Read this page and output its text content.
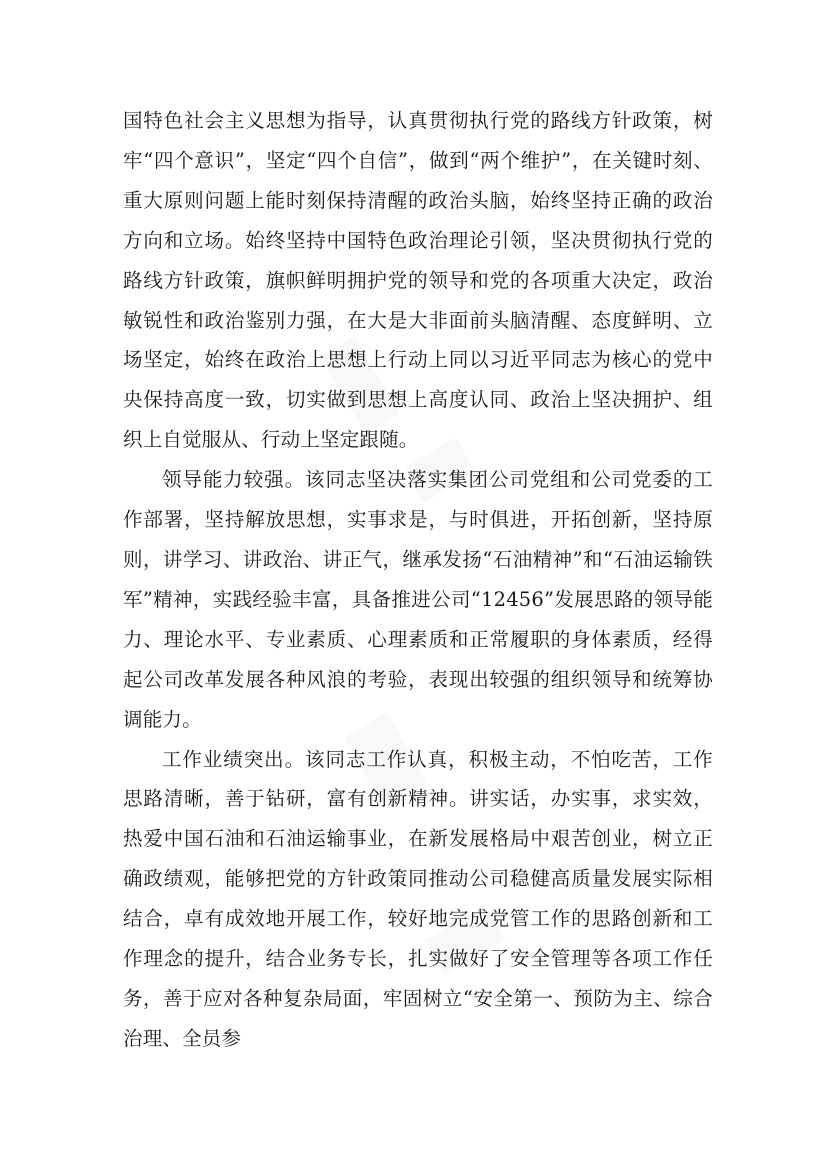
国特色社会主义思想为指导，认真贯彻执行党的路线方针政策，树牢“四个意识”，坚定“四个自信”，做到“两个维护”，在关键时刻、重大原则问题上能时刻保持清醒的政治头脑，始终坚持正确的政治方向和立场。始终坚持中国特色政治理论引领，坚决贯彻执行党的路线方针政策，旗帜鲜明拥护党的领导和党的各项重大决定，政治敏锐性和政治鉴别力强，在大是大非面前头脑清醒、态度鲜明、立场坚定，始终在政治上思想上行动上同以习近平同志为核心的党中央保持高度一致，切实做到思想上高度认同、政治上坚决拥护、组织上自觉服从、行动上坚定跟随。

领导能力较强。该同志坚决落实集团公司党组和公司党委的工作部署，坚持解放思想，实事求是，与时俱进，开拓创新，坚持原则，讲学习、讲政治、讲正气，继承发扬“石油精神”和“石油运输铁军”精神，实践经验丰富，具备推进公司“12456”发展思路的领导能力、理论水平、专业素质、心理素质和正常履职的身体素质，经得起公司改革发展各种风浪的考验，表现出较强的组织领导和统筹协调能力。

工作业绩突出。该同志工作认真，积极主动，不怕吃苦，工作思路清晰，善于钻研，富有创新精神。讲实话，办实事，求实效，热爱中国石油和石油运输事业，在新发展格局中艰苦创业，树立正确政绩观，能够把党的方针政策同推动公司稳健高质量发展实际相结合，卓有成效地开展工作，较好地完成党管工作的思路创新和工作理念的提升，结合业务专长，扎实做好了安全管理等各项工作任务，善于应对各种复杂局面，牢固树立“安全第一、预防为主、综合治理、全员参
